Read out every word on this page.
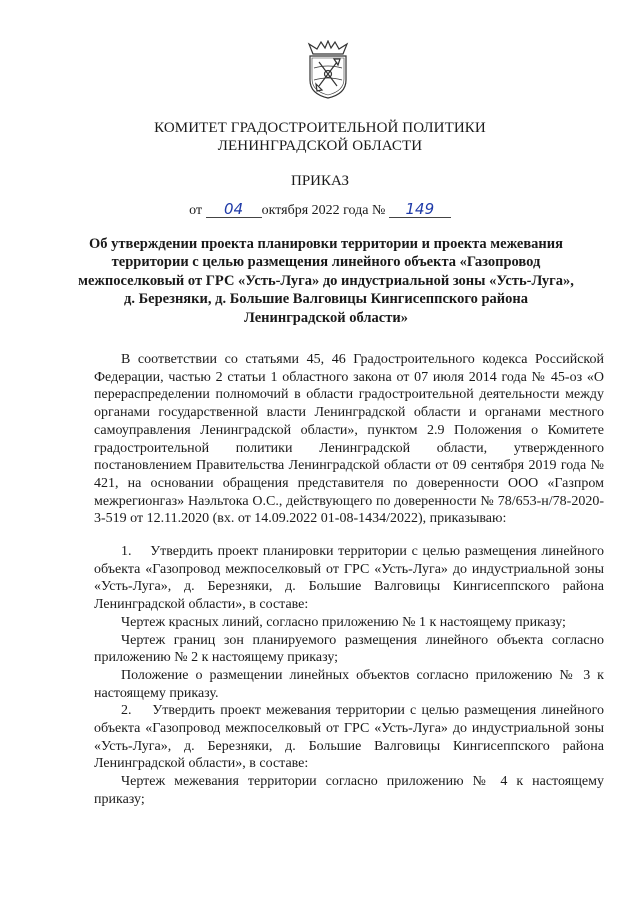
КОМИТЕТ ГРАДОСТРОИТЕЛЬНОЙ ПОЛИТИКИ
ЛЕНИНГРАДСКОЙ ОБЛАСТИ
ПРИКАЗ
от 04 октября 2022 года № 149
Об утверждении проекта планировки территории и проекта межевания
территории с целью размещения линейного объекта «Газопровод
межпоселковый от ГРС «Усть-Луга» до индустриальной зоны «Усть-Луга»,
д. Березняки, д. Большие Валговицы Кингисеппского района
Ленинградской области»

В соответствии со статьями 45, 46 Градостроительного кодекса Российской Федерации, частью 2 статьи 1 областного закона от 07 июля 2014 года № 45-оз «О перераспределении полномочий в области градостроительной деятельности между органами государственной власти Ленинградской области и органами местного самоуправления Ленинградской области», пунктом 2.9 Положения о Комитете градостроительной политики Ленинградской области, утвержденного постановлением Правительства Ленинградской области от 09 сентября 2019 года № 421, на основании обращения представителя по доверенности ООО «Газпром межрегионгаз» Наэльтока О.С., действующего по доверенности № 78/653-н/78-2020-3-519 от 12.11.2020 (вх. от 14.09.2022 01-08-1434/2022), приказываю:

1.    Утвердить проект планировки территории с целью размещения линейного объекта «Газопровод межпоселковый от ГРС «Усть-Луга» до индустриальной зоны «Усть-Луга», д. Березняки, д. Большие Валговицы Кингисеппского района Ленинградской области», в составе:

Чертеж красных линий, согласно приложению № 1 к настоящему приказу;

Чертеж границ зон планируемого размещения линейного объекта согласно приложению № 2 к настоящему приказу;

Положение о размещении линейных объектов согласно приложению № 3 к настоящему приказу.

2.    Утвердить проект межевания территории с целью размещения линейного объекта «Газопровод межпоселковый от ГРС «Усть-Луга» до индустриальной зоны «Усть-Луга», д. Березняки, д. Большие Валговицы Кингисеппского района Ленинградской области», в составе:

Чертеж межевания территории согласно приложению № 4 к настоящему приказу;
